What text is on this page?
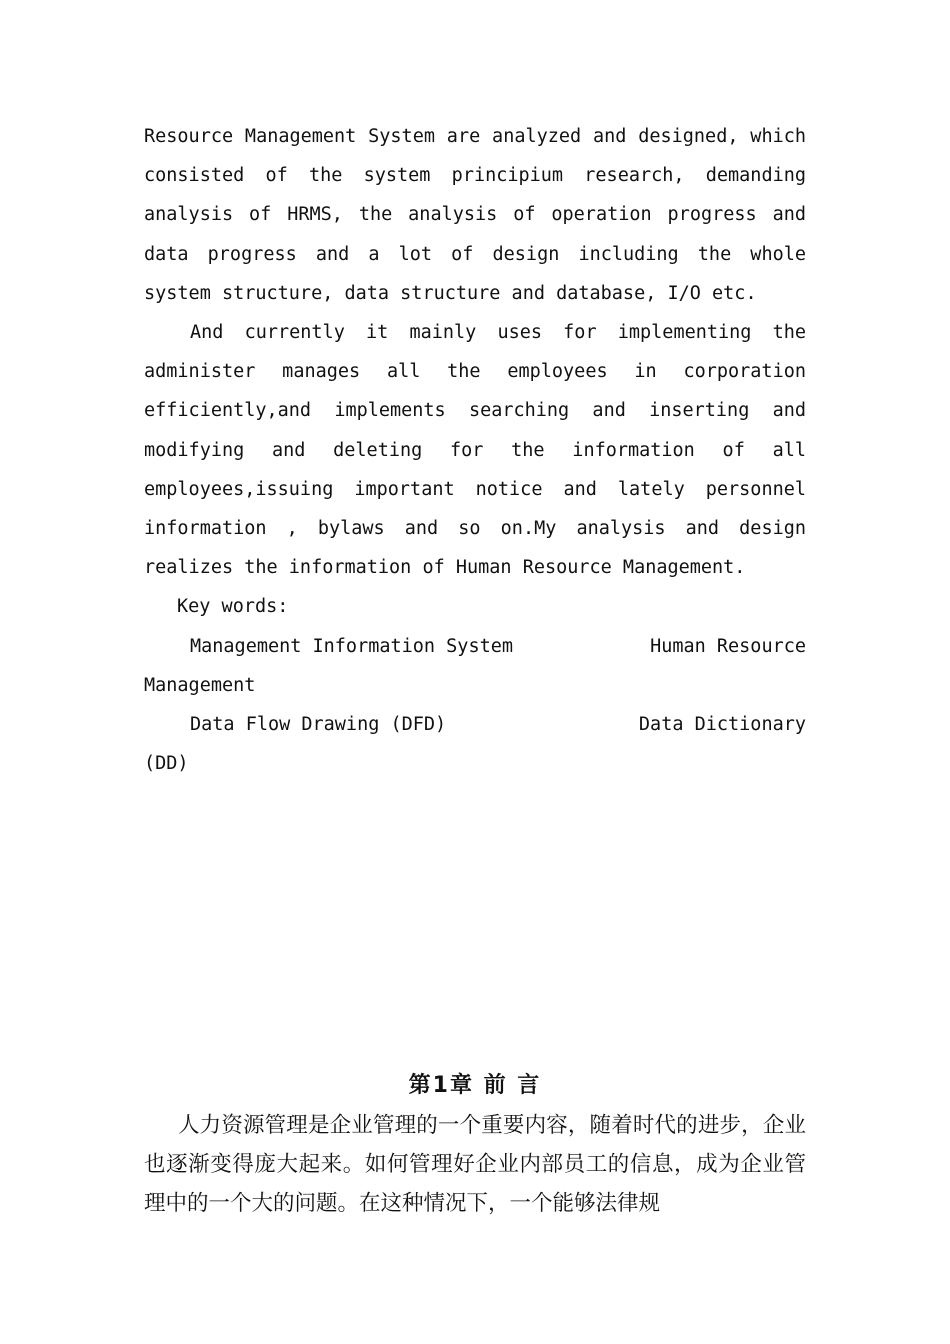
Resource Management System are analyzed and designed, which consisted of the system principium research, demanding analysis of HRMS, the analysis of operation progress and data progress and a lot of design including the whole system structure, data structure and database, I/O etc.

And currently it mainly uses for implementing the administer manages all the employees in corporation efficiently,and implements searching and inserting and modifying and deleting for the information of all employees,issuing important notice and lately personnel information , bylaws and so on.My analysis and design realizes the information of Human Resource Management.

Key words:
Management Information System	Human Resource
Management
Data Flow Drawing (DFD)	Data Dictionary
(DD)
第1章 前 言

人力资源管理是企业管理的一个重要内容，随着时代的进步，企业也逐渐变得庞大起来。如何管理好企业内部员工的信息，成为企业管理中的一个大的问题。在这种情况下，一个能够法律规
